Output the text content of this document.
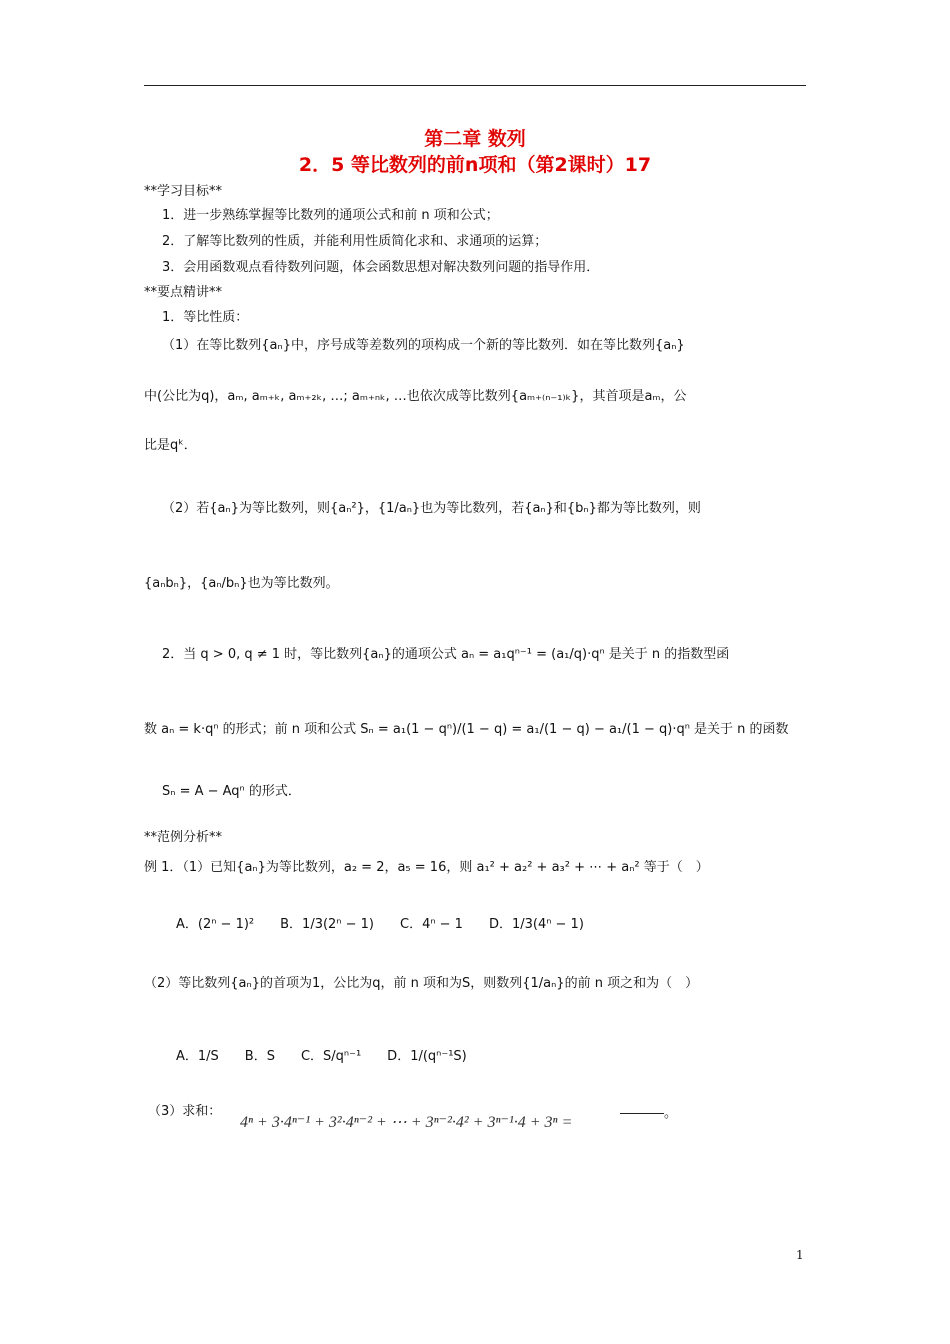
第二章 数列
2．5 等比数列的前n项和（第2课时）17
**学习目标**
1．进一步熟练掌握等比数列的通项公式和前 n 项和公式；
2．了解等比数列的性质，并能利用性质简化求和、求通项的运算；
3．会用函数观点看待数列问题，体会函数思想对解决数列问题的指导作用．
**要点精讲**
1．等比性质：
（1）在等比数列{aₙ}中，序号成等差数列的项构成一个新的等比数列．如在等比数列{aₙ}
中(公比为q)，aₘ, aₘ₊ₖ, aₘ₊₂ₖ, …; aₘ₊ₙₖ, …也依次成等比数列{aₘ₊₍ₙ₋₁₎ₖ}，其首项是aₘ，公
比是qᵏ．
（2）若{aₙ}为等比数列，则{aₙ²}，{1/aₙ}也为等比数列，若{aₙ}和{bₙ}都为等比数列，则
{aₙbₙ}，{aₙ/bₙ}也为等比数列。
2．当 q > 0, q ≠ 1 时，等比数列{aₙ}的通项公式 aₙ = a₁qⁿ⁻¹ = (a₁/q)·qⁿ 是关于 n 的指数型函
数 aₙ = k·qⁿ 的形式；前 n 项和公式 Sₙ = a₁(1 − qⁿ)/(1 − q) = a₁/(1 − q) − a₁/(1 − q)·qⁿ 是关于 n 的函数
Sₙ = A − Aqⁿ 的形式．
**范例分析**
例 1．（1）已知{aₙ}为等比数列，a₂ = 2，a₅ = 16，则 a₁² + a₂² + a₃² + ⋯ + aₙ² 等于（　）
A．(2ⁿ − 1)²　　B．1/3(2ⁿ − 1)　　C．4ⁿ − 1　　D．1/3(4ⁿ − 1)
（2）等比数列{aₙ}的首项为1，公比为q，前 n 项和为S，则数列{1/aₙ}的前 n 项之和为（　）
A．1/S　　B．S　　C．S/qⁿ⁻¹　　D．1/(qⁿ⁻¹S)
（3）求和：
4ⁿ + 3·4ⁿ⁻¹ + 3²·4ⁿ⁻² + ⋯ + 3ⁿ⁻²·4² + 3ⁿ⁻¹·4 + 3ⁿ =
。
1
